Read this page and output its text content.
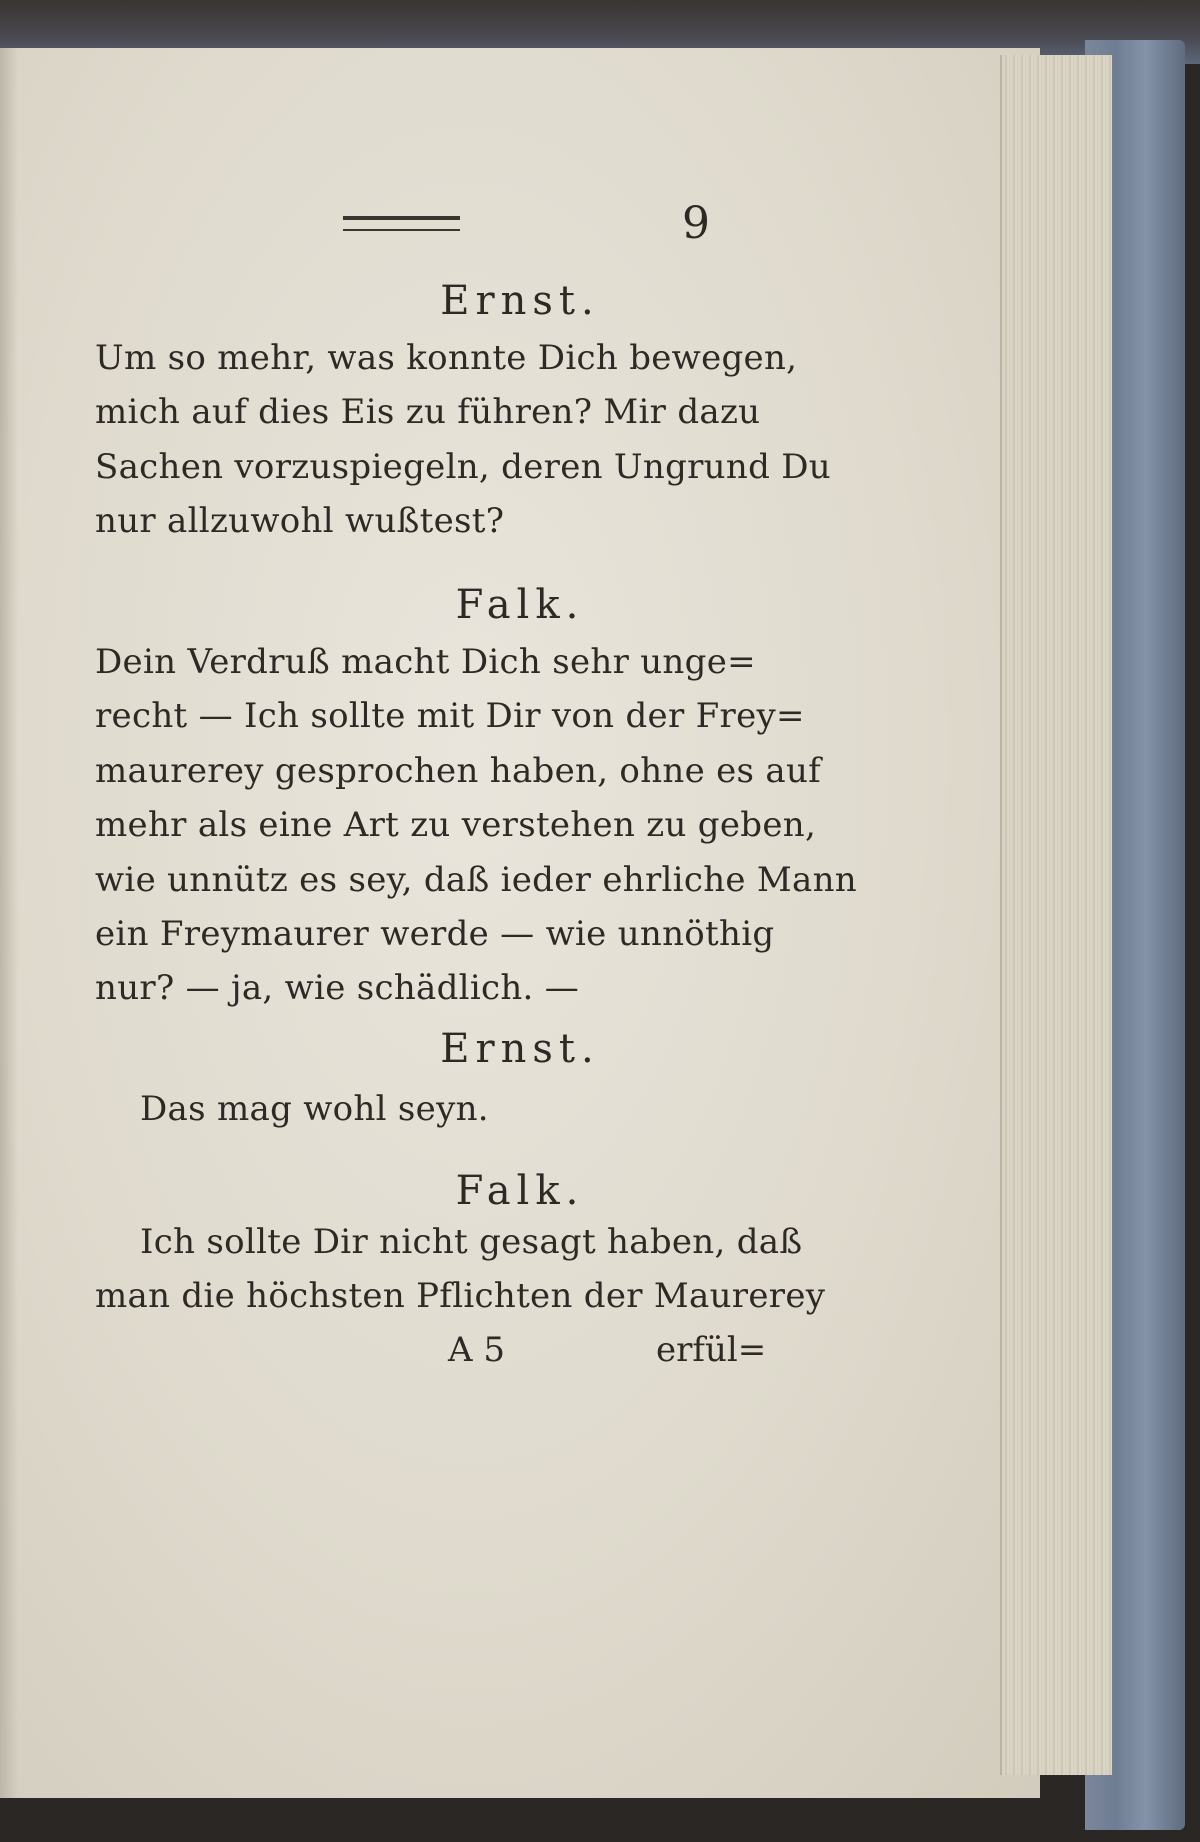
9
Ernst.
Um so mehr, was konnte Dich bewegen,
mich auf dies Eis zu führen? Mir dazu
Sachen vorzuspiegeln, deren Ungrund Du
nur allzuwohl wußtest?
Falk.
Dein Verdruß macht Dich sehr unge=
recht — Ich sollte mit Dir von der Frey=
maurerey gesprochen haben, ohne es auf
mehr als eine Art zu verstehen zu geben,
wie unnütz es sey, daß ieder ehrliche Mann
ein Freymaurer werde — wie unnöthig
nur? — ja, wie schädlich. —
Ernst.
Das mag wohl seyn.
Falk.
Ich sollte Dir nicht gesagt haben, daß
man die höchsten Pflichten der Maurerey
A 5	erfül=
